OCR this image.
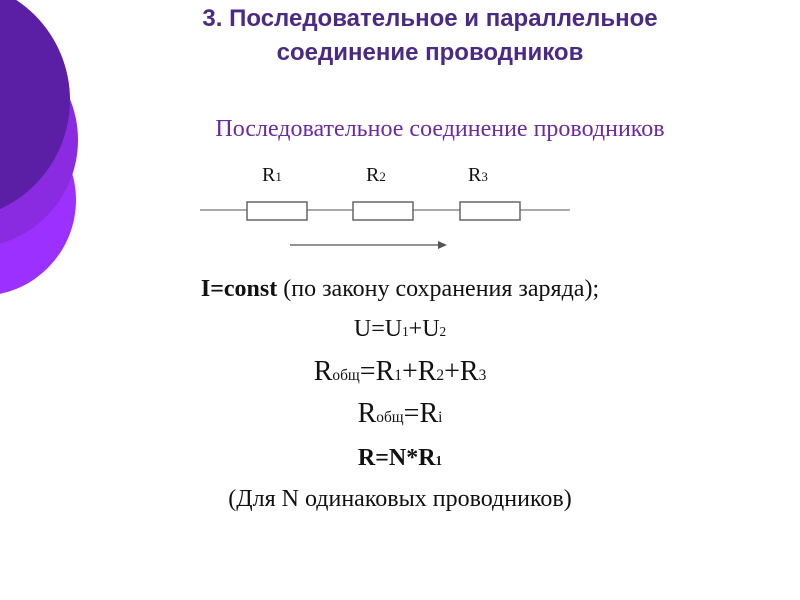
3. Последовательное и параллельное
соединение проводников
Последовательное соединение проводников
R1	R2	R3
I=const (по закону сохранения заряда);
U=U1+U2
Rобщ=R1+R2+R3
Rобщ=Ri
R=N*R1
(Для N одинаковых проводников)
